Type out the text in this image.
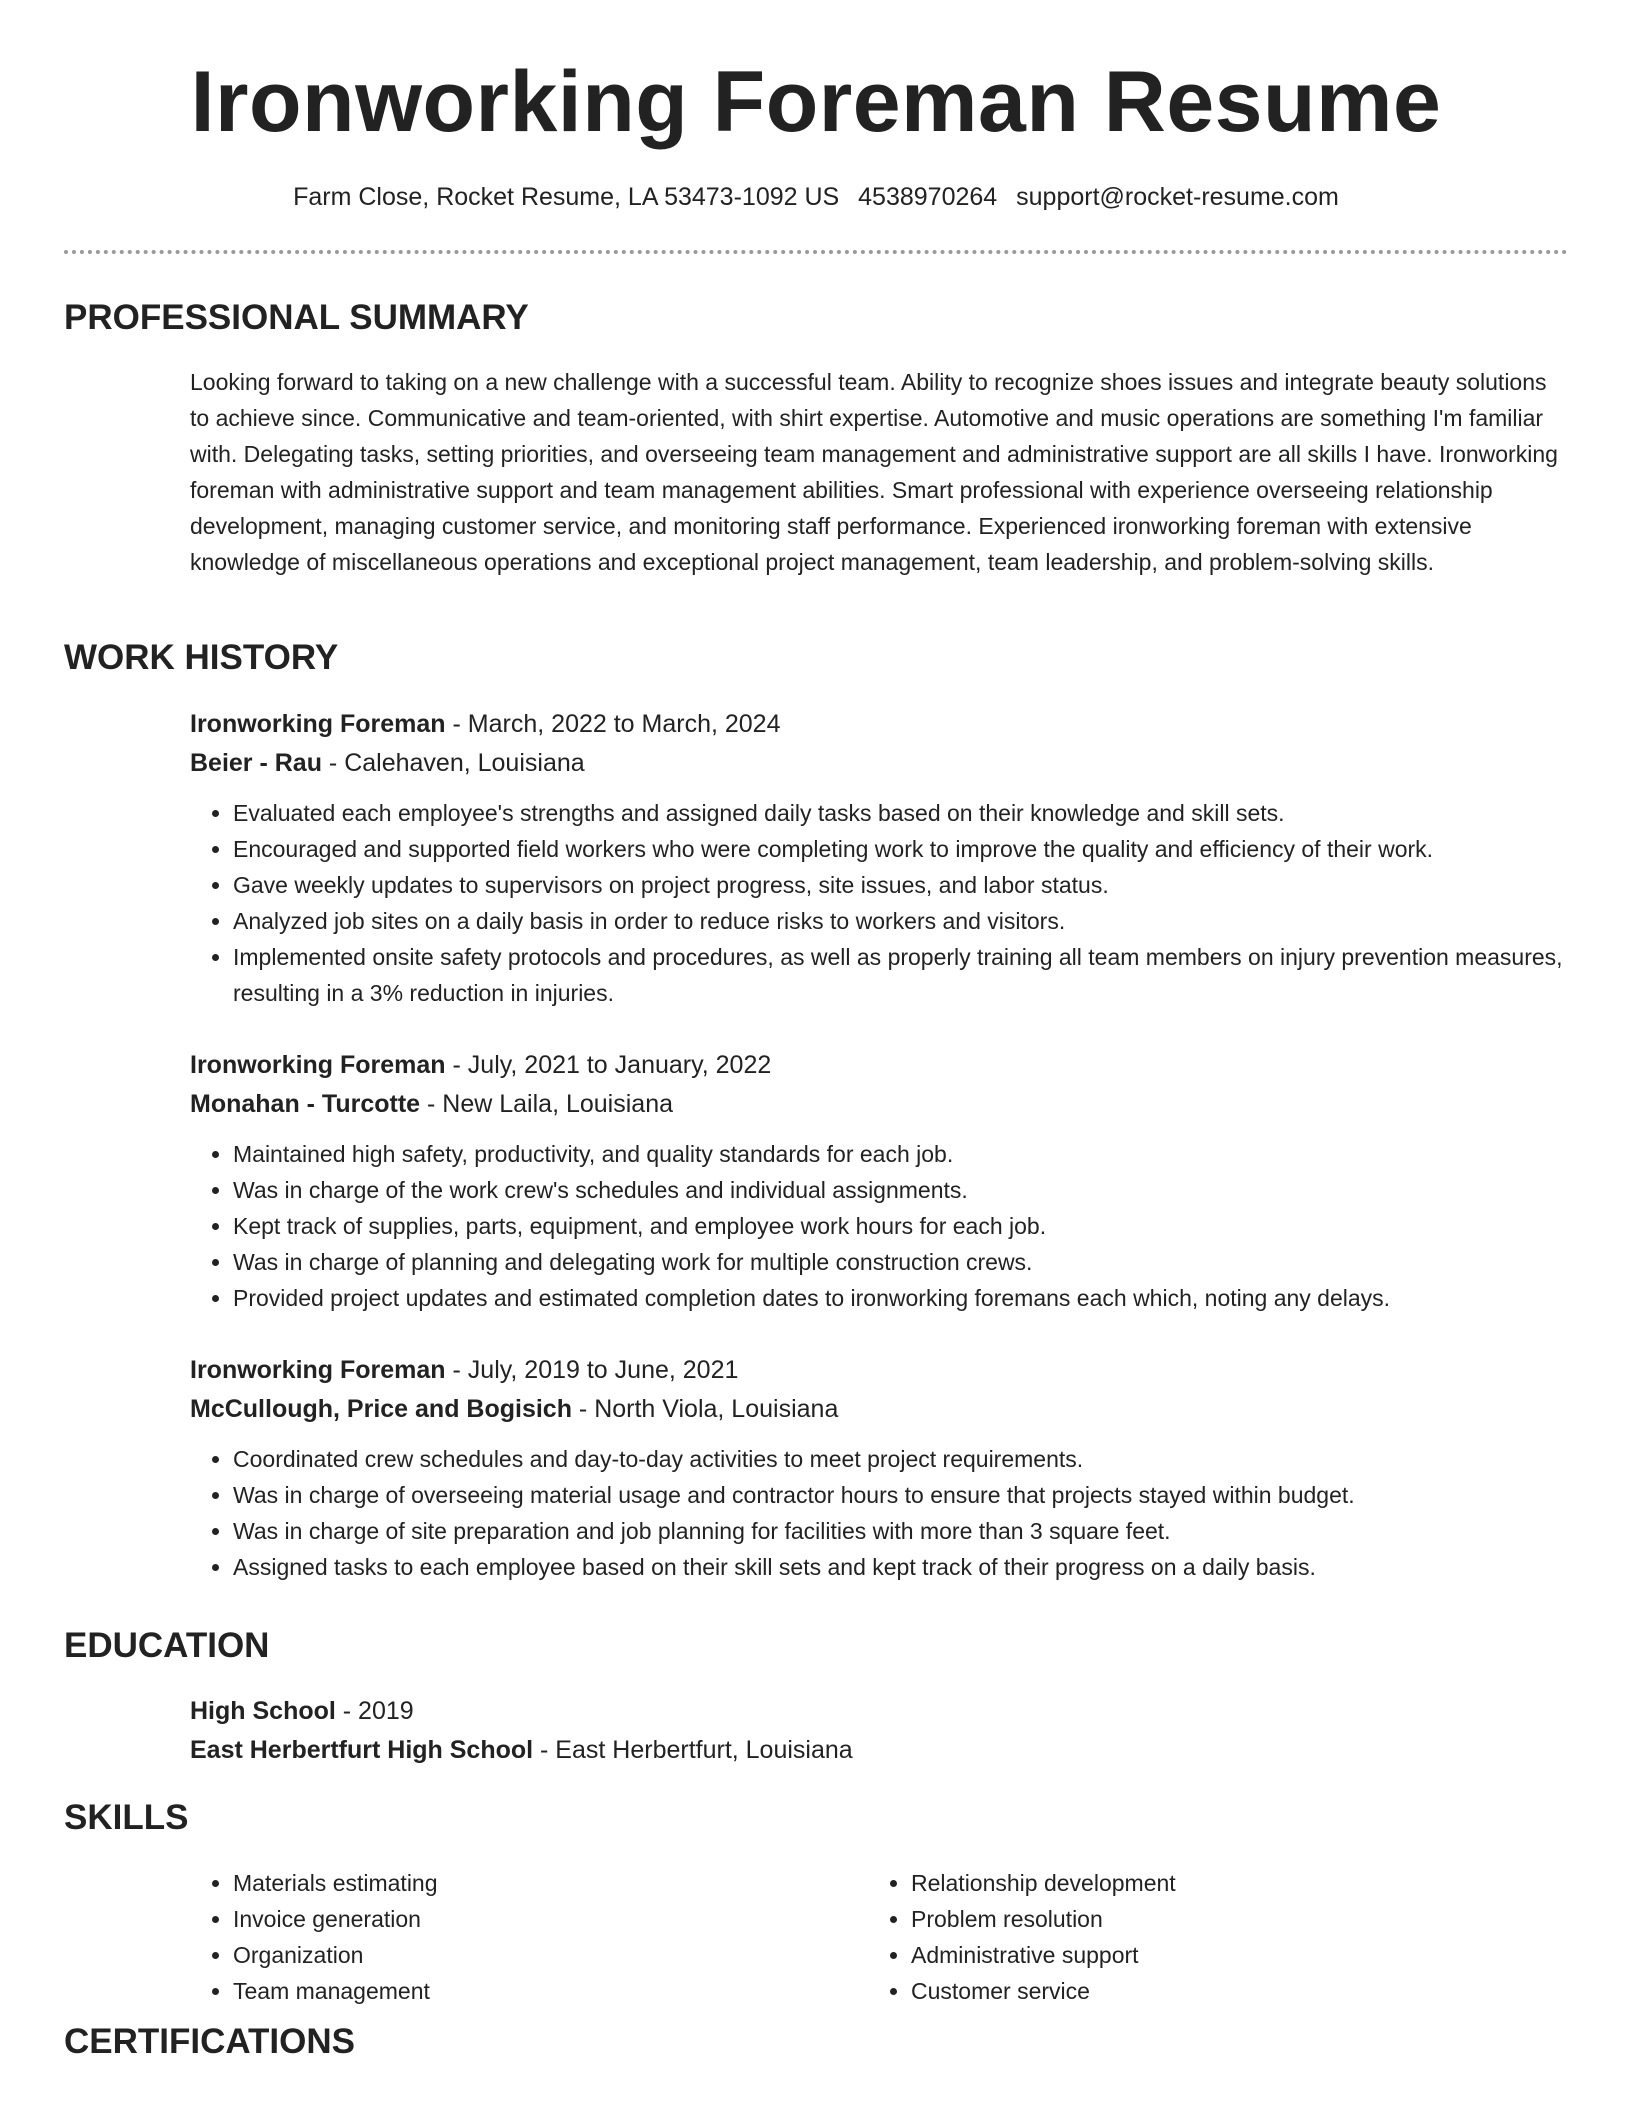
Ironworking Foreman Resume
Farm Close, Rocket Resume, LA 53473-1092 US 4538970264 support@rocket-resume.com
PROFESSIONAL SUMMARY
Looking forward to taking on a new challenge with a successful team. Ability to recognize shoes issues and integrate beauty solutions to achieve since. Communicative and team-oriented, with shirt expertise. Automotive and music operations are something I'm familiar with. Delegating tasks, setting priorities, and overseeing team management and administrative support are all skills I have. Ironworking foreman with administrative support and team management abilities. Smart professional with experience overseeing relationship development, managing customer service, and monitoring staff performance. Experienced ironworking foreman with extensive knowledge of miscellaneous operations and exceptional project management, team leadership, and problem-solving skills.
WORK HISTORY
Ironworking Foreman - March, 2022 to March, 2024
Beier - Rau - Calehaven, Louisiana
• Evaluated each employee's strengths and assigned daily tasks based on their knowledge and skill sets.
• Encouraged and supported field workers who were completing work to improve the quality and efficiency of their work.
• Gave weekly updates to supervisors on project progress, site issues, and labor status.
• Analyzed job sites on a daily basis in order to reduce risks to workers and visitors.
• Implemented onsite safety protocols and procedures, as well as properly training all team members on injury prevention measures, resulting in a 3% reduction in injuries.
Ironworking Foreman - July, 2021 to January, 2022
Monahan - Turcotte - New Laila, Louisiana
• Maintained high safety, productivity, and quality standards for each job.
• Was in charge of the work crew's schedules and individual assignments.
• Kept track of supplies, parts, equipment, and employee work hours for each job.
• Was in charge of planning and delegating work for multiple construction crews.
• Provided project updates and estimated completion dates to ironworking foremans each which, noting any delays.
Ironworking Foreman - July, 2019 to June, 2021
McCullough, Price and Bogisich - North Viola, Louisiana
• Coordinated crew schedules and day-to-day activities to meet project requirements.
• Was in charge of overseeing material usage and contractor hours to ensure that projects stayed within budget.
• Was in charge of site preparation and job planning for facilities with more than 3 square feet.
• Assigned tasks to each employee based on their skill sets and kept track of their progress on a daily basis.
EDUCATION
High School - 2019
East Herbertfurt High School - East Herbertfurt, Louisiana
SKILLS
• Materials estimating
• Invoice generation
• Organization
• Team management
• Relationship development
• Problem resolution
• Administrative support
• Customer service
CERTIFICATIONS
